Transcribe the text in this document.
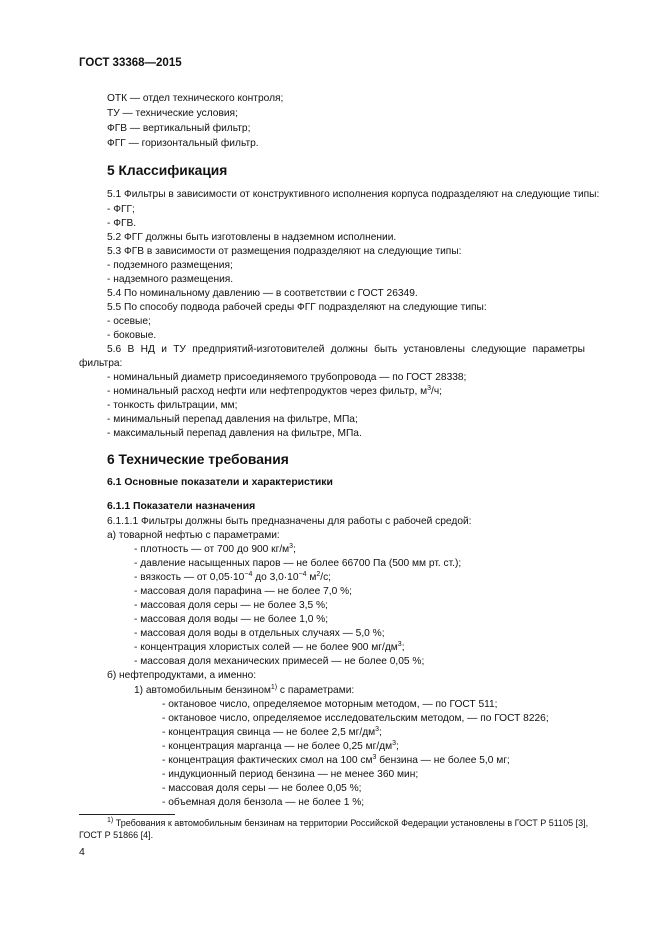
ГОСТ 33368—2015
ОТК — отдел технического контроля;
ТУ — технические условия;
ФГВ — вертикальный фильтр;
ФГГ — горизонтальный фильтр.
5 Классификация
5.1 Фильтры в зависимости от конструктивного исполнения корпуса подразделяют на следующие типы:
- ФГГ;
- ФГВ.
5.2 ФГГ должны быть изготовлены в надземном исполнении.
5.3 ФГВ в зависимости от размещения подразделяют на следующие типы:
- подземного размещения;
- надземного размещения.
5.4 По номинальному давлению — в соответствии с ГОСТ 26349.
5.5 По способу подвода рабочей среды ФГГ подразделяют на следующие типы:
- осевые;
- боковые.
5.6 В НД и ТУ предприятий-изготовителей должны быть установлены следующие параметры
фильтра:
- номинальный диаметр присоединяемого трубопровода — по ГОСТ 28338;
- номинальный расход нефти или нефтепродуктов через фильтр, $м^3/ч$;
- тонкость фильтрации, мм;
- минимальный перепад давления на фильтре, МПа;
- максимальный перепад давления на фильтре, МПа.
6 Технические требования
6.1 Основные показатели и характеристики
6.1.1 Показатели назначения
6.1.1.1 Фильтры должны быть предназначены для работы с рабочей средой:
а) товарной нефтью с параметрами:
- плотность — от 700 до 900 $кг/м^3$;
- давление насыщенных паров — не более 66700 Па (500 мм рт. ст.);
- вязкость — от $0,05\cdot 10^{-4}$ до $3,0\cdot 10^{-4}$ $м^2/с$;
- массовая доля парафина — не более 7,0 %;
- массовая доля серы — не более 3,5 %;
- массовая доля воды — не более 1,0 %;
- массовая доля воды в отдельных случаях — 5,0 %;
- концентрация хлористых солей — не более 900 $мг/дм^3$;
- массовая доля механических примесей — не более 0,05 %;
б) нефтепродуктами, а именно:
1) автомобильным бензином$^{1)}$ с параметрами:
- октановое число, определяемое моторным методом, — по ГОСТ 511;
- октановое число, определяемое исследовательским методом, — по ГОСТ 8226;
- концентрация свинца — не более 2,5 $мг/дм^3$;
- концентрация марганца — не более 0,25 $мг/дм^3$;
- концентрация фактических смол на 100 $см^3$ бензина — не более 5,0 мг;
- индукционный период бензина — не менее 360 мин;
- массовая доля серы — не более 0,05 %;
- объемная доля бензола — не более 1 %;
$^{1)}$ Требования к автомобильным бензинам на территории Российской Федерации установлены в ГОСТ Р 51105 [3],
ГОСТ Р 51866 [4].
4
